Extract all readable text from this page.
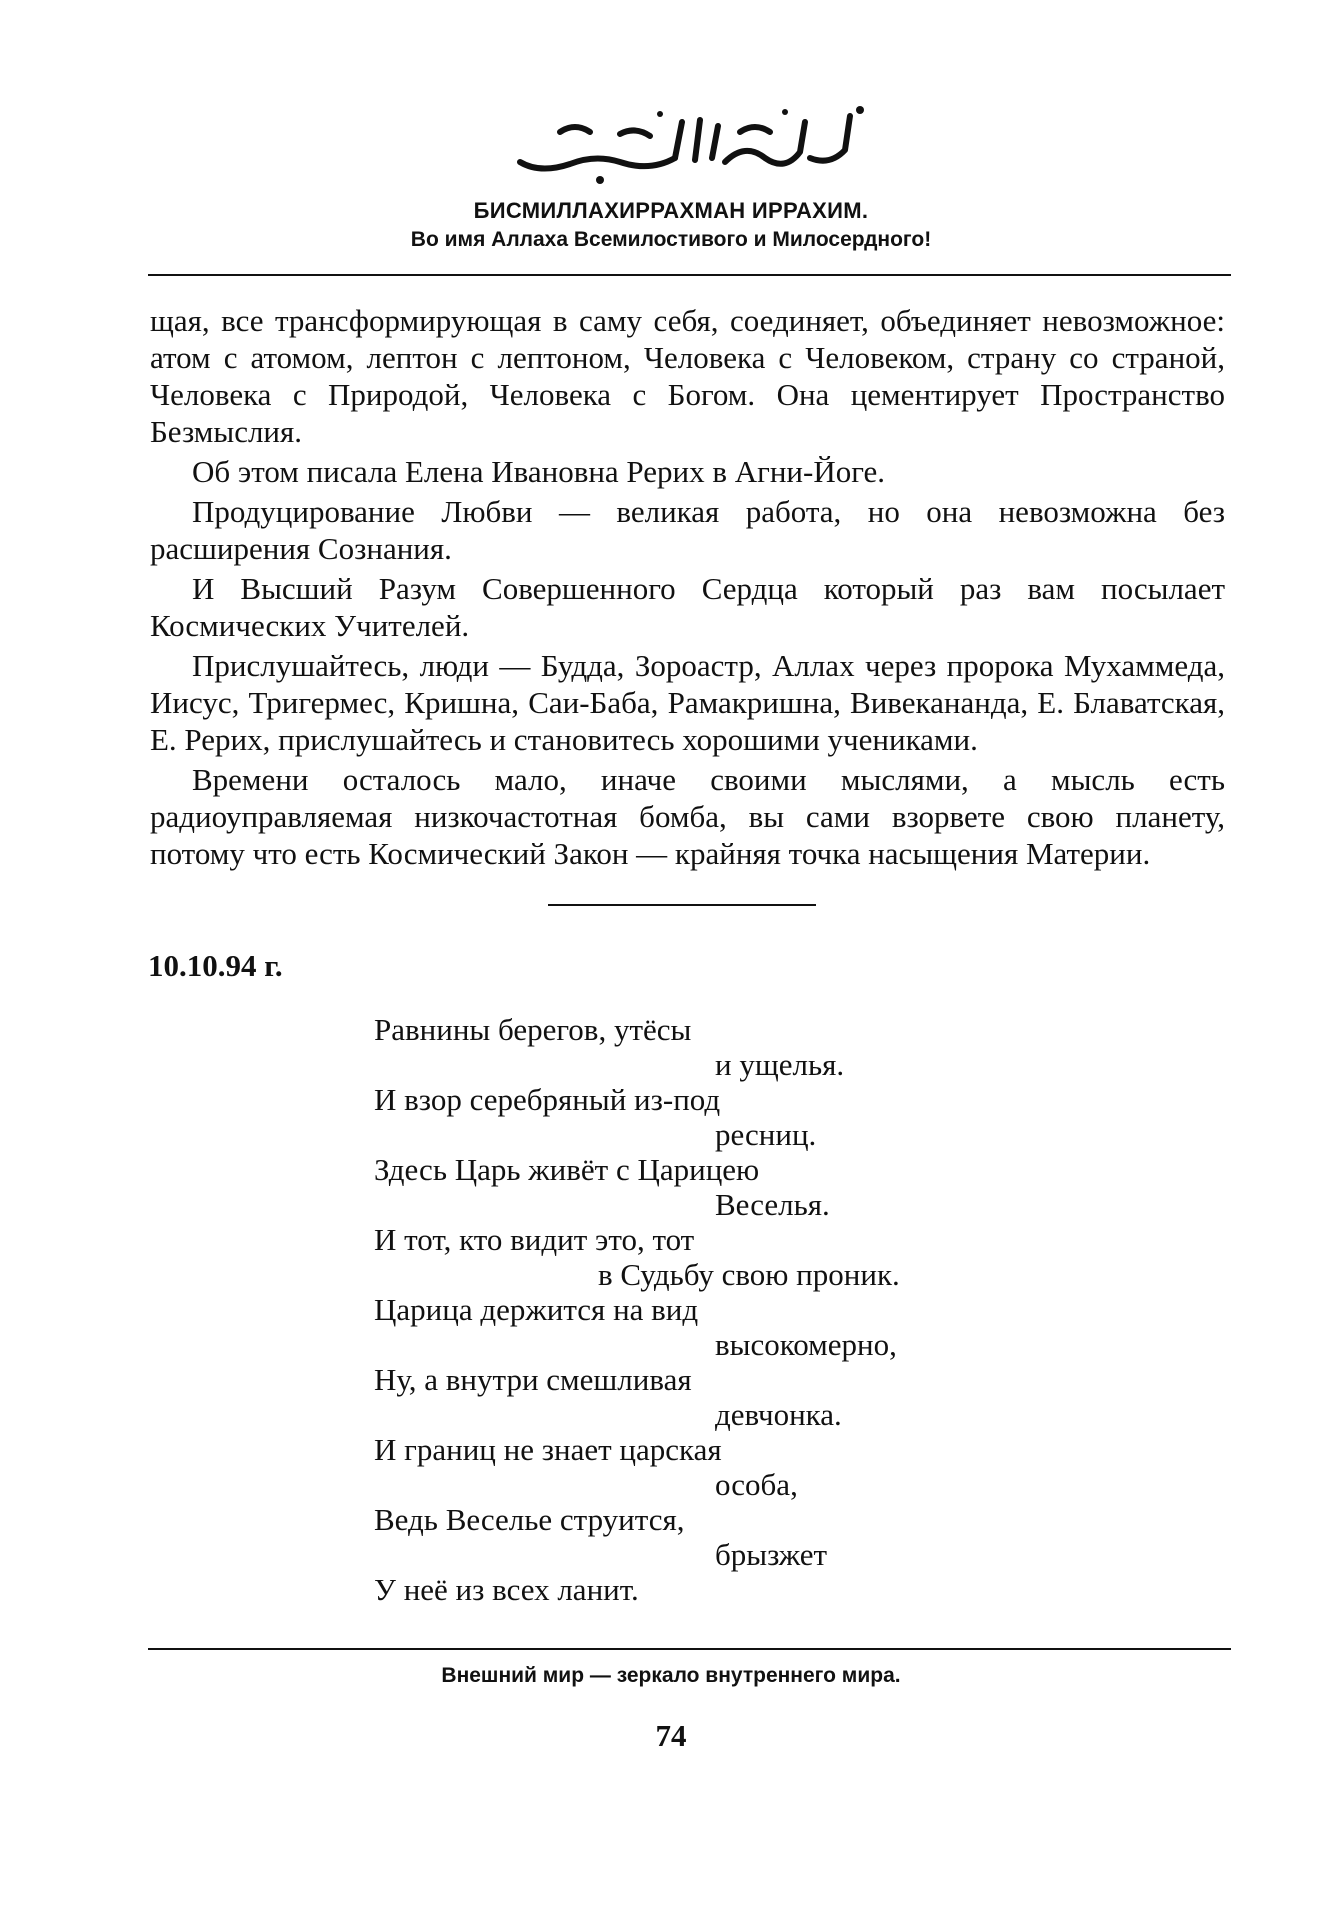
БИСМИЛЛАХИРРАХМАН ИРРАХИМ.
Во имя Аллаха Всемилостивого и Милосердного!

щая, все трансформирующая в саму себя, соединяет, объединяет невозможное: атом с атомом, лептон с лептоном, Человека с Человеком, страну со страной, Человека с Природой, Человека с Богом. Она цементирует Пространство Безмыслия.

Об этом писала Елена Ивановна Рерих в Агни-Йоге.

Продуцирование Любви — великая работа, но она невозможна без расширения Сознания.

И Высший Разум Совершенного Сердца который раз вам посылает Космических Учителей.

Прислушайтесь, люди — Будда, Зороастр, Аллах через пророка Мухаммеда, Иисус, Тригермес, Кришна, Саи-Баба, Рамакришна, Вивекананда, Е. Блаватская, Е. Рерих, прислушайтесь и становитесь хорошими учениками.

Времени осталось мало, иначе своими мыслями, а мысль есть радиоуправляемая низкочастотная бомба, вы сами взорвете свою планету, потому что есть Космический Закон — крайняя точка насыщения Материи.

10.10.94 г.
Равнины берегов, утёсы
и ущелья.
И взор серебряный из-под
ресниц.
Здесь Царь живёт с Царицею
Веселья.
И тот, кто видит это, тот
в Судьбу свою проник.
Царица держится на вид
высокомерно,
Ну, а внутри смешливая
девчонка.
И границ не знает царская
особа,
Ведь Веселье струится,
брызжет
У неё из всех ланит.
Внешний мир — зеркало внутреннего мира.
74
